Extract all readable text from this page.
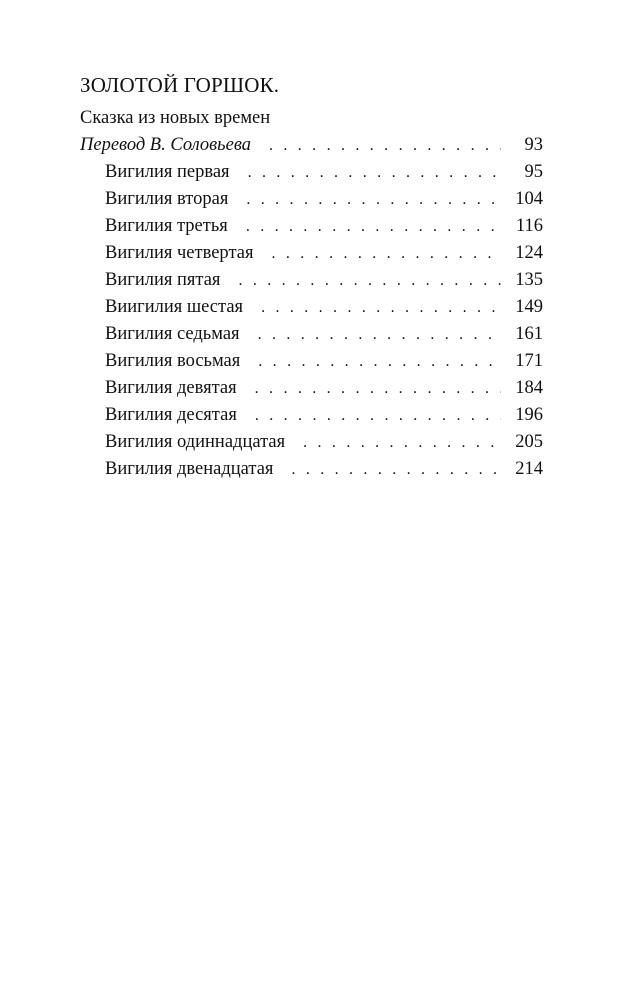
ЗОЛОТОЙ ГОРШОК.
Сказка из новых времен
Перевод В. Соловьева . . .	93
Вигилия первая . . .	95
Вигилия вторая . . .	104
Вигилия третья . . .	116
Вигилия четвертая . . .	124
Вигилия пятая . . .	135
Виигилия шестая . . .	149
Вигилия седьмая . . .	161
Вигилия восьмая . . .	171
Вигилия девятая . . .	184
Вигилия десятая . . .	196
Вигилия одиннадцатая . . .	205
Вигилия двенадцатая . . .	214
